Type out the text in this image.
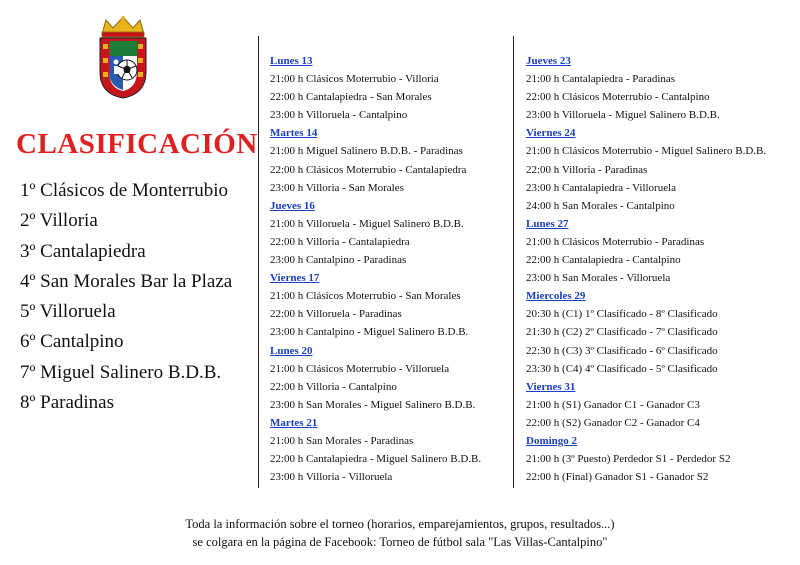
CLASIFICACIÓN
1º Clásicos de Monterrubio
2º Villoria
3º Cantalapiedra
4º San Morales Bar la Plaza
5º Villoruela
6º Cantalpino
7º Miguel Salinero B.D.B.
8º Paradinas
Lunes 13
21:00 h Clásicos Moterrubio - Villoria
22:00 h Cantalapiedra - San Morales
23:00 h Villoruela - Cantalpino
Martes 14
21:00 h Miguel Salinero B.D.B. - Paradinas
22:00 h Clásicos Moterrubio - Cantalapiedra
23:00 h Villoria - San Morales
Jueves 16
21:00 h Villoruela - Miguel Salinero B.D.B.
22:00 h Villoria - Cantalapiedra
23:00 h Cantalpino - Paradinas
Viernes 17
21:00 h Clásicos Moterrubio - San Morales
22:00 h Villoruela - Paradinas
23:00 h Cantalpino - Miguel Salinero B.D.B.
Lunes 20
21:00 h Clásicos Moterrubio - Villoruela
22:00 h Villoria - Cantalpino
23:00 h San Morales - Miguel Salinero B.D.B.
Martes 21
21:00 h San Morales - Paradinas
22:00 h Cantalapiedra - Miguel Salinero B.D.B.
23:00 h Villoria - Villoruela
Jueves 23
21:00 h Cantalapiedra - Paradinas
22:00 h Clásicos Moterrubio - Cantalpino
23:00 h Villoruela - Miguel Salinero B.D.B.
Viernes 24
21:00 h Clásicos Moterrubio - Miguel Salinero B.D.B.
22:00 h Villoria - Paradinas
23:00 h Cantalapiedra - Villoruela
24:00 h San Morales - Cantalpino
Lunes 27
21:00 h Clásicos Moterrubio - Paradinas
22:00 h Cantalapiedra - Cantalpino
23:00 h San Morales - Villoruela
Miercoles 29
20:30 h (C1) 1º Clasificado - 8º Clasificado
21:30 h (C2) 2º Clasificado - 7º Clasificado
22:30 h (C3) 3º Clasificado - 6º Clasificado
23:30 h (C4) 4º Clasificado - 5º Clasificado
Viernes 31
21:00 h (S1) Ganador C1 - Ganador C3
22:00 h (S2) Ganador C2 - Ganador C4
Domingo 2
21:00 h (3º Puesto) Perdedor S1 - Perdedor S2
22:00 h (Final) Ganador S1 - Ganador S2
Toda la información sobre el torneo (horarios, emparejamientos, grupos, resultados...)
se colgara en la página de Facebook: Torneo de fútbol sala "Las Villas-Cantalpino"
